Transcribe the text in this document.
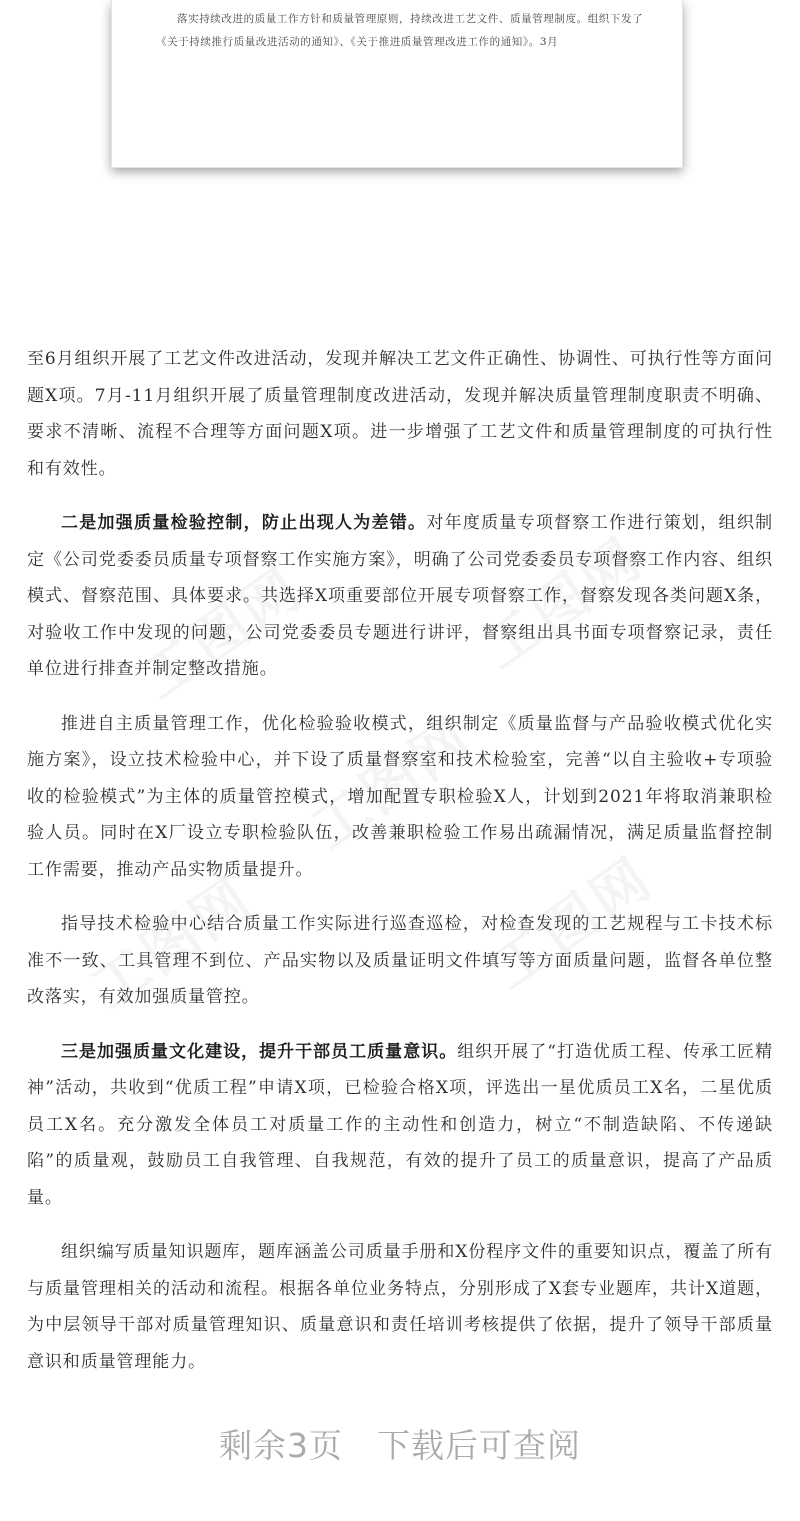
落实持续改进的质量工作方针和质量管理原则，持续改进工艺文件、质量管理制度。组织下发了《关于持续推行质量改进活动的通知》、《关于推进质量管理改进工作的通知》。3月

至6月组织开展了工艺文件改进活动，发现并解决工艺文件正确性、协调性、可执行性等方面问题X项。7月-11月组织开展了质量管理制度改进活动，发现并解决质量管理制度职责不明确、要求不清晰、流程不合理等方面问题X项。进一步增强了工艺文件和质量管理制度的可执行性和有效性。

二是加强质量检验控制，防止出现人为差错。对年度质量专项督察工作进行策划，组织制定《公司党委委员质量专项督察工作实施方案》，明确了公司党委委员专项督察工作内容、组织模式、督察范围、具体要求。共选择X项重要部位开展专项督察工作，督察发现各类问题X条，对验收工作中发现的问题，公司党委委员专题进行讲评，督察组出具书面专项督察记录，责任单位进行排查并制定整改措施。

推进自主质量管理工作，优化检验验收模式，组织制定《质量监督与产品验收模式优化实施方案》，设立技术检验中心，并下设了质量督察室和技术检验室，完善“以自主验收+专项验收的检验模式”为主体的质量管控模式，增加配置专职检验X人，计划到2021年将取消兼职检验人员。同时在X厂设立专职检验队伍，改善兼职检验工作易出疏漏情况，满足质量监督控制工作需要，推动产品实物质量提升。

指导技术检验中心结合质量工作实际进行巡查巡检，对检查发现的工艺规程与工卡技术标准不一致、工具管理不到位、产品实物以及质量证明文件填写等方面质量问题，监督各单位整改落实，有效加强质量管控。

三是加强质量文化建设，提升干部员工质量意识。组织开展了“打造优质工程、传承工匠精神”活动，共收到“优质工程”申请X项，已检验合格X项，评选出一星优质员工X名，二星优质员工X名。充分激发全体员工对质量工作的主动性和创造力，树立“不制造缺陷、不传递缺陷”的质量观，鼓励员工自我管理、自我规范，有效的提升了员工的质量意识，提高了产品质量。

组织编写质量知识题库，题库涵盖公司质量手册和X份程序文件的重要知识点，覆盖了所有与质量管理相关的活动和流程。根据各单位业务特点，分别形成了X套专业题库，共计X道题，为中层领导干部对质量管理知识、质量意识和责任培训考核提供了依据，提升了领导干部质量意识和质量管理能力。

剩余3页 下载后可查阅
